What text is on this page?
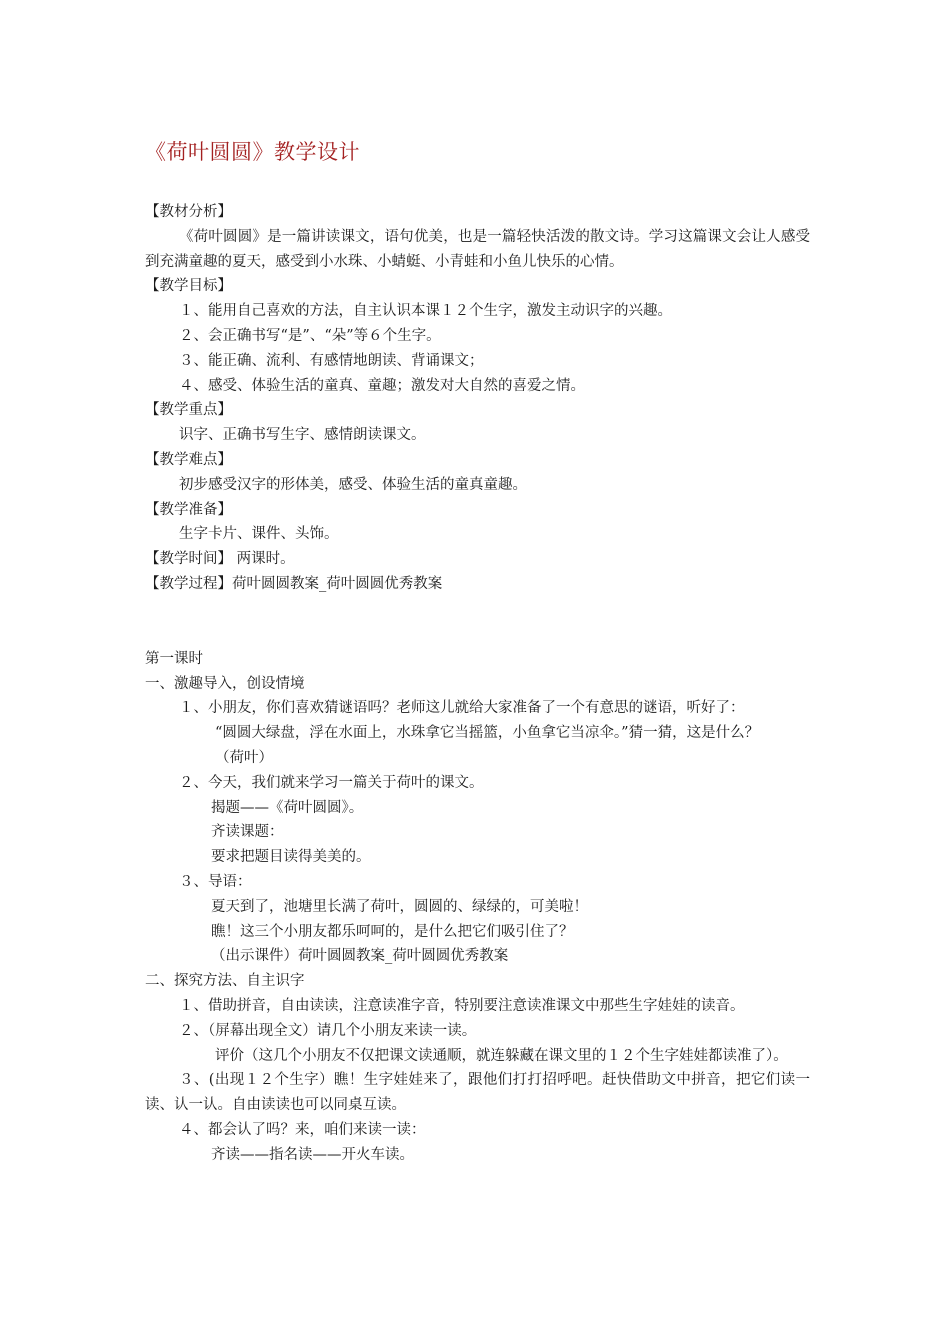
《荷叶圆圆》教学设计

【教材分析】

《荷叶圆圆》是一篇讲读课文，语句优美，也是一篇轻快活泼的散文诗。学习这篇课文会让人感受到充满童趣的夏天，感受到小水珠、小蜻蜓、小青蛙和小鱼儿快乐的心情。

【教学目标】

１、能用自己喜欢的方法，自主认识本课１２个生字，激发主动识字的兴趣。

２、会正确书写“是”、“朵”等６个生字。

３、能正确、流利、有感情地朗读、背诵课文；

４、感受、体验生活的童真、童趣；激发对大自然的喜爱之情。

【教学重点】

识字、正确书写生字、感情朗读课文。

【教学难点】

初步感受汉字的形体美，感受、体验生活的童真童趣。

【教学准备】

生字卡片、课件、头饰。

【教学时间】 两课时。

【教学过程】荷叶圆圆教案_荷叶圆圆优秀教案

第一课时

一、激趣导入，创设情境

１、小朋友，你们喜欢猜谜语吗？老师这儿就给大家准备了一个有意思的谜语，听好了：

“圆圆大绿盘，浮在水面上，水珠拿它当摇篮，小鱼拿它当凉伞。”猜一猜，这是什么？

（荷叶）

２、今天，我们就来学习一篇关于荷叶的课文。

揭题——《荷叶圆圆》。

齐读课题：

要求把题目读得美美的。

３、导语：

夏天到了，池塘里长满了荷叶，圆圆的、绿绿的，可美啦！

瞧！这三个小朋友都乐呵呵的，是什么把它们吸引住了？

（出示课件）荷叶圆圆教案_荷叶圆圆优秀教案

二、探究方法、自主识字

１、借助拼音，自由读读，注意读准字音，特别要注意读准课文中那些生字娃娃的读音。

２、（屏幕出现全文）请几个小朋友来读一读。

评价（这几个小朋友不仅把课文读通顺，就连躲藏在课文里的１２个生字娃娃都读准了）。

３、(出现１２个生字）瞧！生字娃娃来了，跟他们打打招呼吧。赶快借助文中拼音，把它们读一读、认一认。自由读读也可以同桌互读。

４、都会认了吗？来，咱们来读一读：

齐读——指名读——开火车读。
